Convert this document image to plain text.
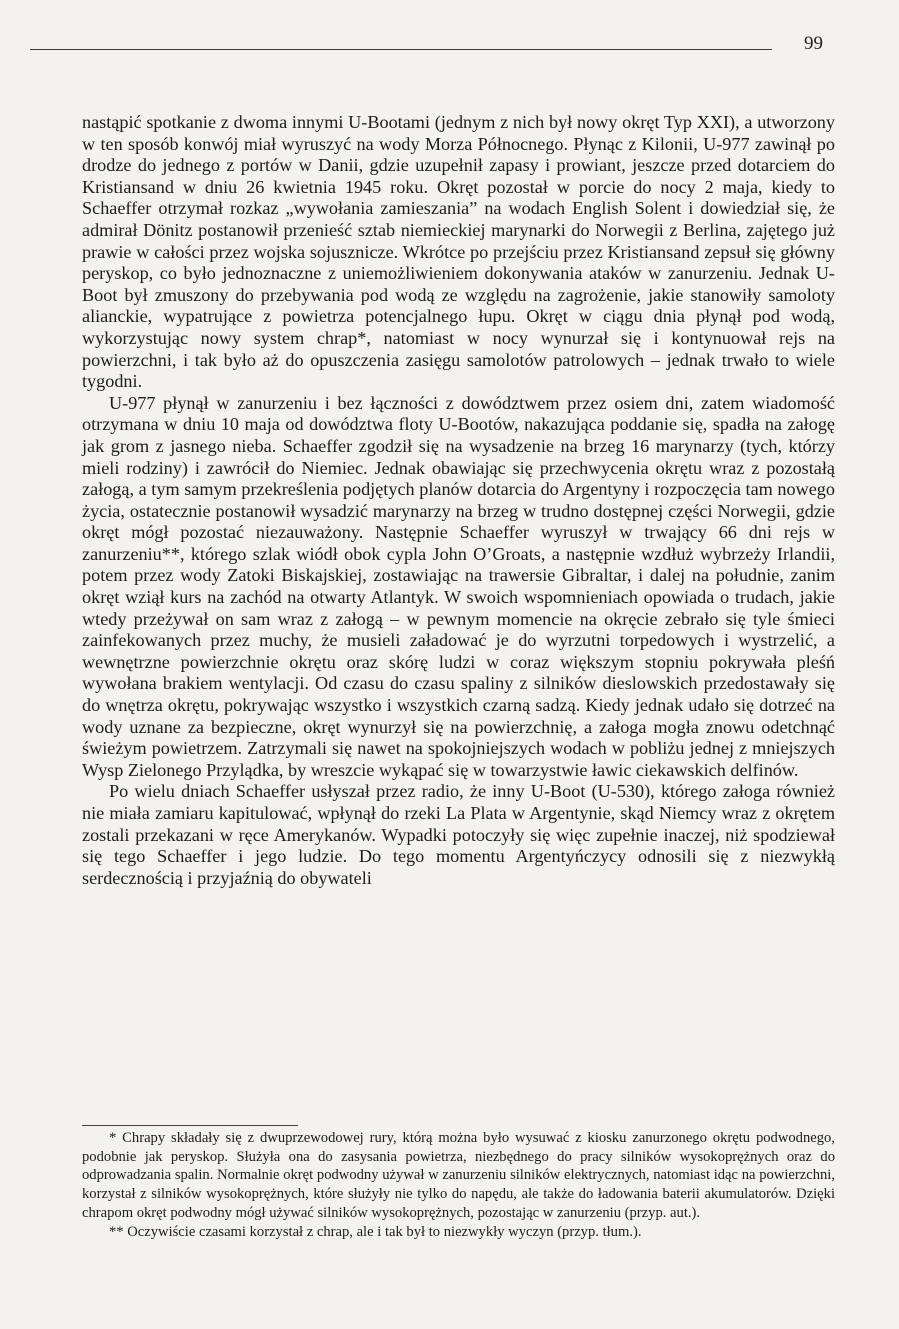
99

nastąpić spotkanie z dwoma innymi U-Bootami (jednym z nich był nowy okręt Typ XXI), a utworzony w ten sposób konwój miał wyruszyć na wody Morza Północnego. Płynąc z Kilonii, U-977 zawinął po drodze do jednego z portów w Danii, gdzie uzupełnił zapasy i prowiant, jeszcze przed dotarciem do Kristiansand w dniu 26 kwietnia 1945 roku. Okręt pozostał w porcie do nocy 2 maja, kiedy to Schaeffer otrzymał rozkaz „wywołania zamieszania” na wodach English Solent i dowiedział się, że admirał Dönitz postanowił przenieść sztab niemieckiej marynarki do Norwegii z Berlina, zajętego już prawie w całości przez wojska sojusznicze. Wkrótce po przejściu przez Kristiansand zepsuł się główny peryskop, co było jednoznaczne z uniemożliwieniem dokonywania ataków w zanurzeniu. Jednak U-Boot był zmuszony do przebywania pod wodą ze względu na zagrożenie, jakie stanowiły samoloty alianckie, wypatrujące z powietrza potencjalnego łupu. Okręt w ciągu dnia płynął pod wodą, wykorzystując nowy system chrap*, natomiast w nocy wynurzał się i kontynuował rejs na powierzchni, i tak było aż do opuszczenia zasięgu samolotów patrolowych – jednak trwało to wiele tygodni.

U-977 płynął w zanurzeniu i bez łączności z dowództwem przez osiem dni, zatem wiadomość otrzymana w dniu 10 maja od dowództwa floty U-Bootów, nakazująca poddanie się, spadła na załogę jak grom z jasnego nieba. Schaeffer zgodził się na wysadzenie na brzeg 16 marynarzy (tych, którzy mieli rodziny) i zawrócił do Niemiec. Jednak obawiając się przechwycenia okrętu wraz z pozostałą załogą, a tym samym przekreślenia podjętych planów dotarcia do Argentyny i rozpoczęcia tam nowego życia, ostatecznie postanowił wysadzić marynarzy na brzeg w trudno dostępnej części Norwegii, gdzie okręt mógł pozostać niezauważony. Następnie Schaeffer wyruszył w trwający 66 dni rejs w zanurzeniu**, którego szlak wiódł obok cypla John O’Groats, a następnie wzdłuż wybrzeży Irlandii, potem przez wody Zatoki Biskajskiej, zostawiając na trawersie Gibraltar, i dalej na południe, zanim okręt wziął kurs na zachód na otwarty Atlantyk. W swoich wspomnieniach opowiada o trudach, jakie wtedy przeżywał on sam wraz z załogą – w pewnym momencie na okręcie zebrało się tyle śmieci zainfekowanych przez muchy, że musieli załadować je do wyrzutni torpedowych i wystrzelić, a wewnętrzne powierzchnie okrętu oraz skórę ludzi w coraz większym stopniu pokrywała pleśń wywołana brakiem wentylacji. Od czasu do czasu spaliny z silników dieslowskich przedostawały się do wnętrza okrętu, pokrywając wszystko i wszystkich czarną sadzą. Kiedy jednak udało się dotrzeć na wody uznane za bezpieczne, okręt wynurzył się na powierzchnię, a załoga mogła znowu odetchnąć świeżym powietrzem. Zatrzymali się nawet na spokojniejszych wodach w pobliżu jednej z mniejszych Wysp Zielonego Przylądka, by wreszcie wykąpać się w towarzystwie ławic ciekawskich delfinów.

Po wielu dniach Schaeffer usłyszał przez radio, że inny U-Boot (U-530), którego załoga również nie miała zamiaru kapitulować, wpłynął do rzeki La Plata w Argentynie, skąd Niemcy wraz z okrętem zostali przekazani w ręce Amerykanów. Wypadki potoczyły się więc zupełnie inaczej, niż spodziewał się tego Schaeffer i jego ludzie. Do tego momentu Argentyńczycy odnosili się z niezwykłą serdecznością i przyjaźnią do obywateli

* Chrapy składały się z dwuprzewodowej rury, którą można było wysuwać z kiosku zanurzonego okrętu podwodnego, podobnie jak peryskop. Służyła ona do zasysania powietrza, niezbędnego do pracy silników wysokoprężnych oraz do odprowadzania spalin. Normalnie okręt podwodny używał w zanurzeniu silników elektrycznych, natomiast idąc na powierzchni, korzystał z silników wysokoprężnych, które służyły nie tylko do napędu, ale także do ładowania baterii akumulatorów. Dzięki chrapom okręt podwodny mógł używać silników wysokoprężnych, pozostając w zanurzeniu (przyp. aut.).

** Oczywiście czasami korzystał z chrap, ale i tak był to niezwykły wyczyn (przyp. tłum.).
